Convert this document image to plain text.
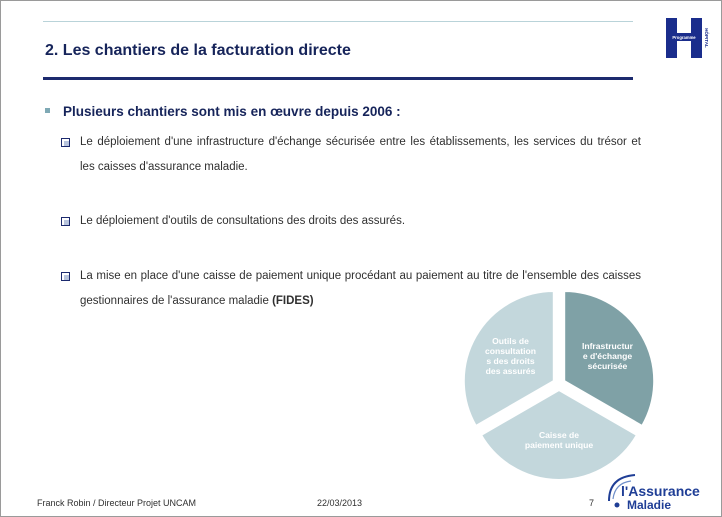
2. Les chantiers de la facturation directe
Programme HÔPITAL
Plusieurs chantiers sont mis en œuvre depuis 2006 :
Le déploiement d'une infrastructure d'échange sécurisée entre les établissements, les services du trésor et les caisses d'assurance maladie.
Le déploiement d'outils de consultations des droits des assurés.
La mise en place d'une caisse de paiement unique procédant au paiement au titre de l'ensemble des caisses gestionnaires de l'assurance maladie (FIDES)
Infrastructur e d'échange sécurisée
Caisse de paiement unique
Outils de consultation s des droits des assurés
Franck Robin / Directeur Projet UNCAM	22/03/2013	7
l'Assurance
Maladie
